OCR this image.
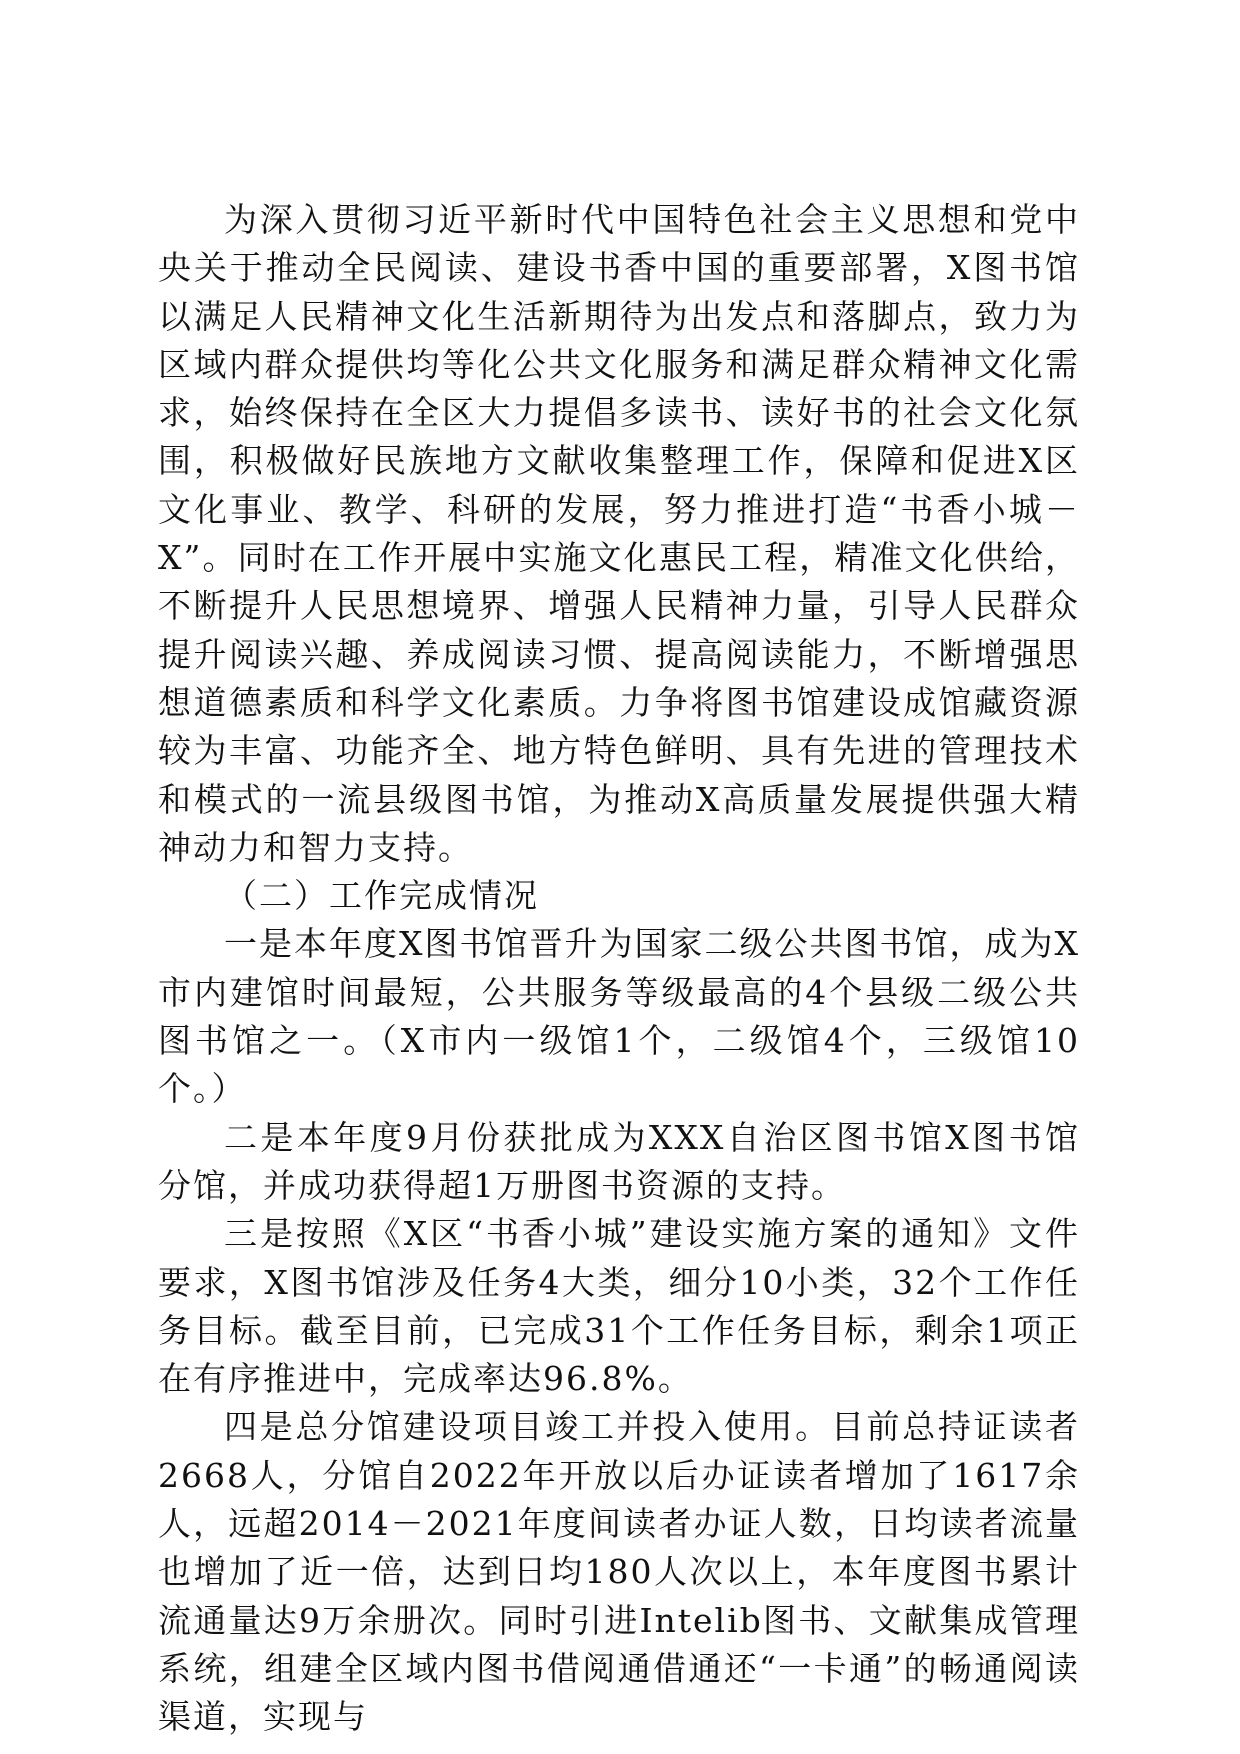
为深入贯彻习近平新时代中国特色社会主义思想和党中央关于推动全民阅读、建设书香中国的重要部署，X图书馆以满足人民精神文化生活新期待为出发点和落脚点，致力为区域内群众提供均等化公共文化服务和满足群众精神文化需求，始终保持在全区大力提倡多读书、读好书的社会文化氛围，积极做好民族地方文献收集整理工作，保障和促进X区文化事业、教学、科研的发展，努力推进打造“书香小城－X”。同时在工作开展中实施文化惠民工程，精准文化供给，不断提升人民思想境界、增强人民精神力量，引导人民群众提升阅读兴趣、养成阅读习惯、提高阅读能力，不断增强思想道德素质和科学文化素质。力争将图书馆建设成馆藏资源较为丰富、功能齐全、地方特色鲜明、具有先进的管理技术和模式的一流县级图书馆，为推动X高质量发展提供强大精神动力和智力支持。

（二）工作完成情况

一是本年度X图书馆晋升为国家二级公共图书馆，成为X市内建馆时间最短，公共服务等级最高的4个县级二级公共图书馆之一。（X市内一级馆1个，二级馆4个，三级馆10个。）

二是本年度9月份获批成为XXX自治区图书馆X图书馆分馆，并成功获得超1万册图书资源的支持。

三是按照《X区“书香小城”建设实施方案的通知》文件要求，X图书馆涉及任务4大类，细分10小类，32个工作任务目标。截至目前，已完成31个工作任务目标，剩余1项正在有序推进中，完成率达96.8%。

四是总分馆建设项目竣工并投入使用。目前总持证读者2668人，分馆自2022年开放以后办证读者增加了1617余人，远超2014－2021年度间读者办证人数，日均读者流量也增加了近一倍，达到日均180人次以上，本年度图书累计流通量达9万余册次。同时引进Intelib图书、文献集成管理系统，组建全区域内图书借阅通借通还“一卡通”的畅通阅读渠道，实现与
